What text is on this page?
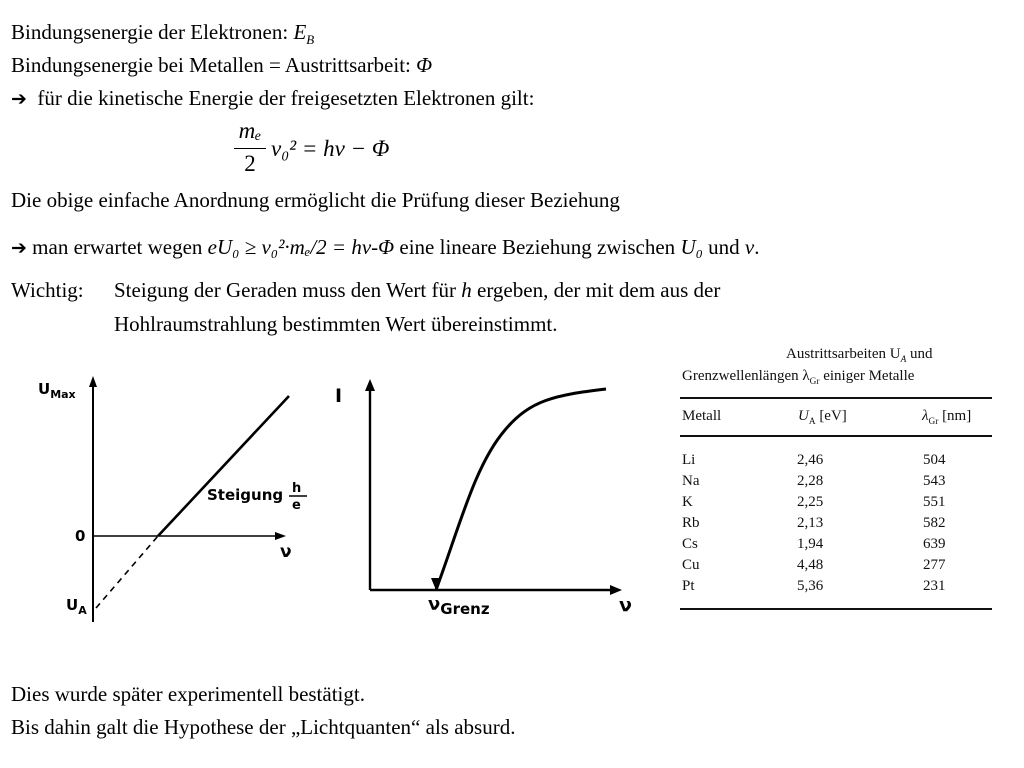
Bindungsenergie der Elektronen: $E_B$
Bindungsenergie bei Metallen = Austrittsarbeit: Φ
➔ für die kinetische Energie der freigesetzten Elektronen gilt:
mₑ
2
v₀² = hν − Φ
Die obige einfache Anordnung ermöglicht die Prüfung dieser Beziehung
➔ man erwartet wegen eU₀ ≥ v₀²·mₑ/2 = hν-Φ eine lineare Beziehung zwischen U₀ und ν.
Wichtig: Steigung der Geraden muss den Wert für h ergeben, der mit dem aus der
Hohlraumstrahlung bestimmten Wert übereinstimmt.
$U_{Max}$
0
ν
$U_A$
Steigung h
e
I
$\nu_{Grenz}$	ν
Austrittsarbeiten $U_A$ und
Grenzwellenlängen $\lambda_{Gr}$ einiger Metalle
Metall	$U_A$ [eV]	$\lambda_{Gr}$ [nm]
Li	2,46	504
Na	2,28	543
K	2,25	551
Rb	2,13	582
Cs	1,94	639
Cu	4,48	277
Pt	5,36	231
Dies wurde später experimentell bestätigt.
Bis dahin galt die Hypothese der „Lichtquanten“ als absurd.
